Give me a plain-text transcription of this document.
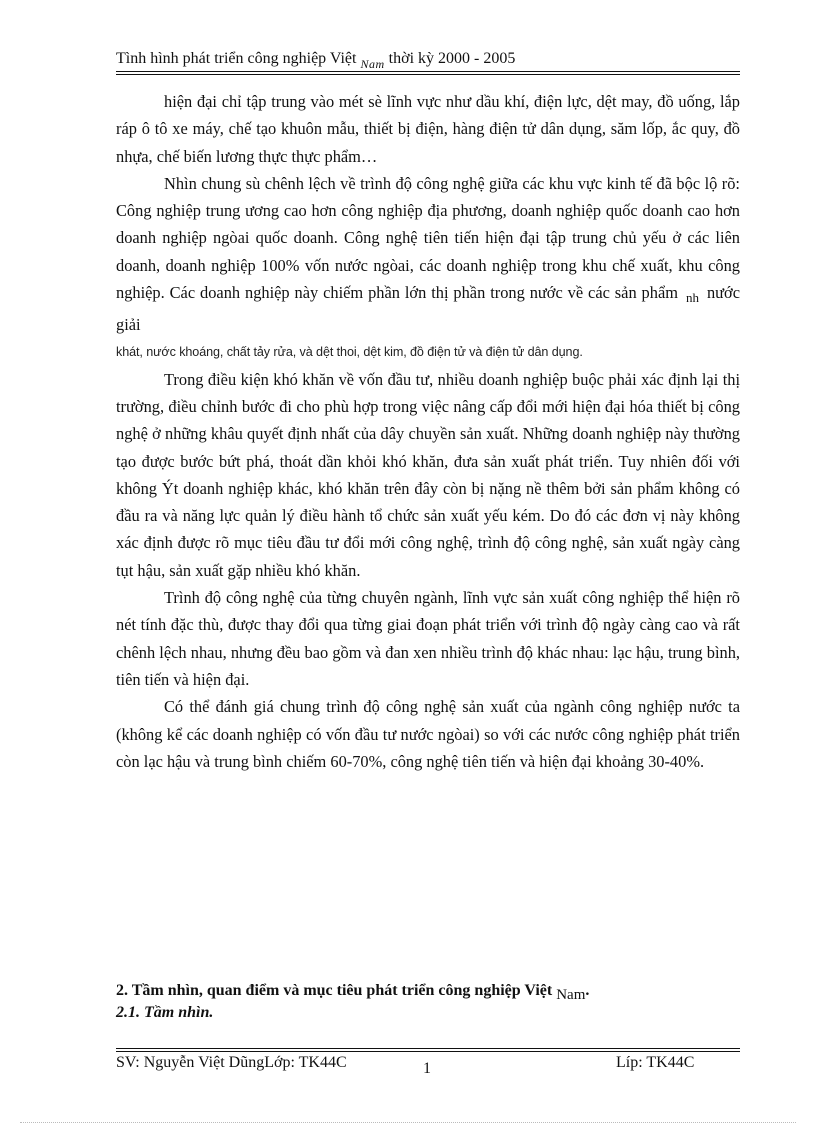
Tình hình phát triển công nghiệp Việt $_{Nam}$ thời kỳ 2000 - 2005

hiện đại chỉ tập trung vào mét sè lĩnh vực như dầu khí, điện lực, dệt may, đồ uống, lắp ráp ô tô xe máy, chế tạo khuôn mẫu, thiết bị điện, hàng điện tử dân dụng, săm lốp, ắc quy, đồ nhựa, chế biến lương thực thực phẩm…

Nhìn chung sù chênh lệch về trình độ công nghệ giữa các khu vực kinh tế đã bộc lộ rõ: Công nghiệp trung ương cao hơn công nghiệp địa phương, doanh nghiệp quốc doanh cao hơn doanh nghiệp ngòai quốc doanh. Công nghệ tiên tiến hiện đại tập trung chủ yếu ở các liên doanh, doanh nghiệp 100% vốn nước ngòai, các doanh nghiệp trong khu chế xuất, khu công nghiệp. Các doanh nghiệp này chiếm phần lớn thị phần trong nước về các sản phẩm $_{nh}$ nước giải
khát, nước khoáng, chất tảy rửa, và dệt thoi, dệt kim, đồ điện tử và điện tử dân dụng.

Trong điều kiện khó khăn về vốn đầu tư, nhiều doanh nghiệp buộc phải xác định lại thị trường, điều chỉnh bước đi cho phù hợp trong việc nâng cấp đổi mới hiện đại hóa thiết bị công nghệ ở những khâu quyết định nhất của dây chuyền sản xuất. Những doanh nghiệp này thường tạo được bước bứt phá, thoát dần khỏi khó khăn, đưa sản xuất phát triển. Tuy nhiên đối với không Ýt doanh nghiệp khác, khó khăn trên đây còn bị nặng nề thêm bởi sản phẩm không có đầu ra và năng lực quản lý điều hành tổ chức sản xuất yếu kém. Do đó các đơn vị này không xác định được rõ mục tiêu đầu tư đổi mới công nghệ, trình độ công nghệ, sản xuất ngày càng tụt hậu, sản xuất gặp nhiều khó khăn.

Trình độ công nghệ của từng chuyên ngành, lĩnh vực sản xuất công nghiệp thể hiện rõ nét tính đặc thù, được thay đổi qua từng giai đoạn phát triển với trình độ ngày càng cao và rất chênh lệch nhau, nhưng đều bao gồm và đan xen nhiều trình độ khác nhau: lạc hậu, trung bình, tiên tiến và hiện đại.

Có thể đánh giá chung trình độ công nghệ sản xuất của ngành công nghiệp nước ta (không kể các doanh nghiệp có vốn đầu tư nước ngòai) so với các nước công nghiệp phát triển còn lạc hậu và trung bình chiếm 60-70%, công nghệ tiên tiến và hiện đại khoảng 30-40%.

2. Tầm nhìn, quan điểm và mục tiêu phát triển công nghiệp Việt Nam.
2.1. Tầm nhìn.
SV: Nguyễn Việt DũngLớp: TK44C	1	Líp: TK44C
